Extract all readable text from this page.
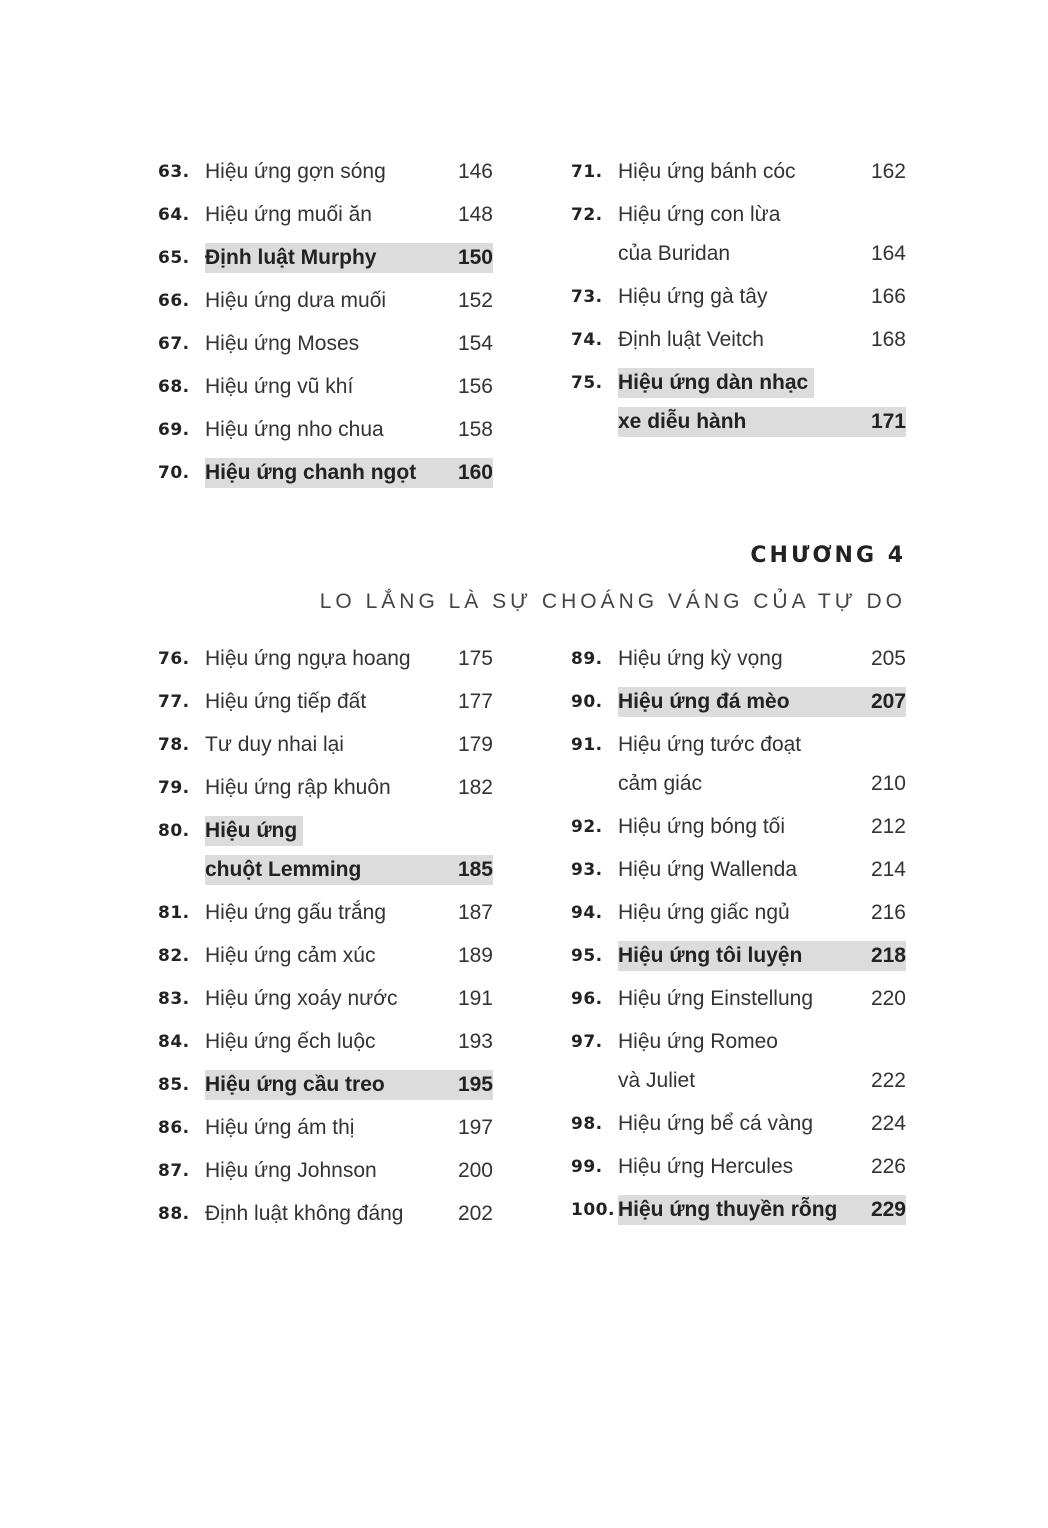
63. Hiệu ứng gợn sóng	146
64. Hiệu ứng muối ăn	148
65. Định luật Murphy	150
66. Hiệu ứng dưa muối	152
67. Hiệu ứng Moses	154
68. Hiệu ứng vũ khí	156
69. Hiệu ứng nho chua	158
70. Hiệu ứng chanh ngọt 160
71. Hiệu ứng bánh cóc	162
72. Hiệu ứng con lừa
của Buridan	164
73. Hiệu ứng gà tây	166
74. Định luật Veitch	168
75. Hiệu ứng dàn nhạc
xe diễu hành	171
76. Hiệu ứng ngựa hoang 175
77. Hiệu ứng tiếp đất	177
78. Tư duy nhai lại	179
79. Hiệu ứng rập khuôn	182
80. Hiệu ứng
chuột Lemming	185
81. Hiệu ứng gấu trắng	187
82. Hiệu ứng cảm xúc	189
83. Hiệu ứng xoáy nước	191
84. Hiệu ứng ếch luộc	193
85. Hiệu ứng cầu treo	195
86. Hiệu ứng ám thị	197
87. Hiệu ứng Johnson	200
88. Định luật không đáng	202
89. Hiệu ứng kỳ vọng	205
90. Hiệu ứng đá mèo	207
91. Hiệu ứng tước đoạt
cảm giác	210
92. Hiệu ứng bóng tối	212
93. Hiệu ứng Wallenda	214
94. Hiệu ứng giấc ngủ	216
95. Hiệu ứng tôi luyện	218
96. Hiệu ứng Einstellung	220
97. Hiệu ứng Romeo
và Juliet	222
98. Hiệu ứng bể cá vàng	224
99. Hiệu ứng Hercules	226
100. Hiệu ứng thuyền rỗng 229
CHƯƠNG 4
LO LẮNG LÀ SỰ CHOÁNG VÁNG CỦA TỰ DO
